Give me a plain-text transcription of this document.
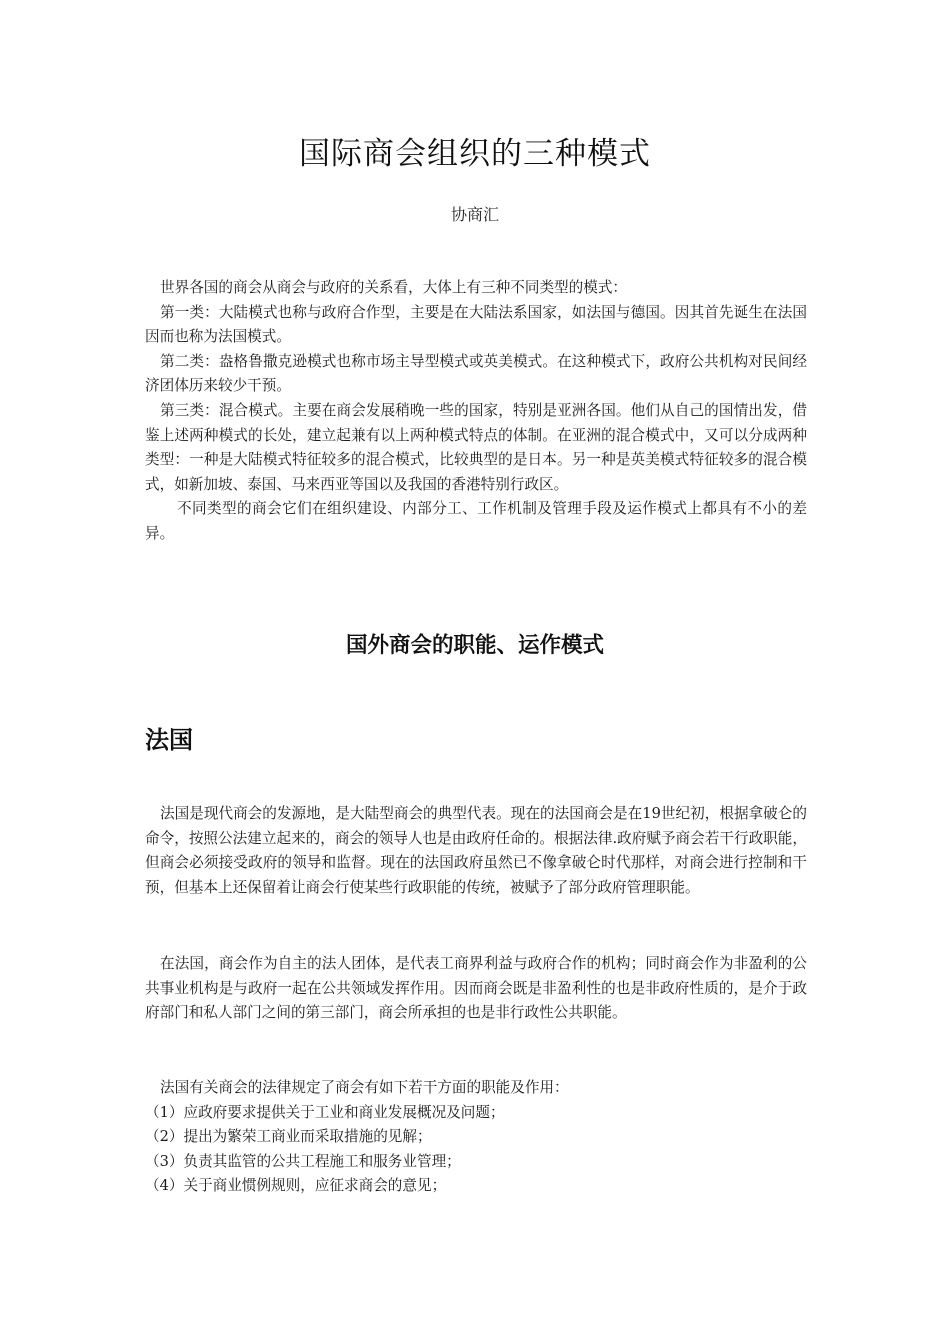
国际商会组织的三种模式
协商汇

世界各国的商会从商会与政府的关系看，大体上有三种不同类型的模式：

第一类：大陆模式也称与政府合作型，主要是在大陆法系国家，如法国与德国。因其首先诞生在法国因而也称为法国模式。

第二类：盎格鲁撒克逊模式也称市场主导型模式或英美模式。在这种模式下，政府公共机构对民间经济团体历来较少干预。

第三类：混合模式。主要在商会发展稍晚一些的国家，特别是亚洲各国。他们从自己的国情出发，借鉴上述两种模式的长处，建立起兼有以上两种模式特点的体制。在亚洲的混合模式中，又可以分成两种类型：一种是大陆模式特征较多的混合模式，比较典型的是日本。另一种是英美模式特征较多的混合模式，如新加坡、泰国、马来西亚等国以及我国的香港特别行政区。

不同类型的商会它们在组织建设、内部分工、工作机制及管理手段及运作模式上都具有不小的差异。

国外商会的职能、运作模式
法国

法国是现代商会的发源地，是大陆型商会的典型代表。现在的法国商会是在19世纪初，根据拿破仑的命令，按照公法建立起来的，商会的领导人也是由政府任命的。根据法律.政府赋予商会若干行政职能，但商会必须接受政府的领导和监督。现在的法国政府虽然已不像拿破仑时代那样，对商会进行控制和干预，但基本上还保留着让商会行使某些行政职能的传统，被赋予了部分政府管理职能。

在法国，商会作为自主的法人团体，是代表工商界利益与政府合作的机构；同时商会作为非盈利的公共事业机构是与政府一起在公共领域发挥作用。因而商会既是非盈利性的也是非政府性质的，是介于政府部门和私人部门之间的第三部门，商会所承担的也是非行政性公共职能。

法国有关商会的法律规定了商会有如下若干方面的职能及作用：

（1）应政府要求提供关于工业和商业发展概况及问题；

（2）提出为繁荣工商业而采取措施的见解；

（3）负责其监管的公共工程施工和服务业管理；

（4）关于商业惯例规则，应征求商会的意见；
